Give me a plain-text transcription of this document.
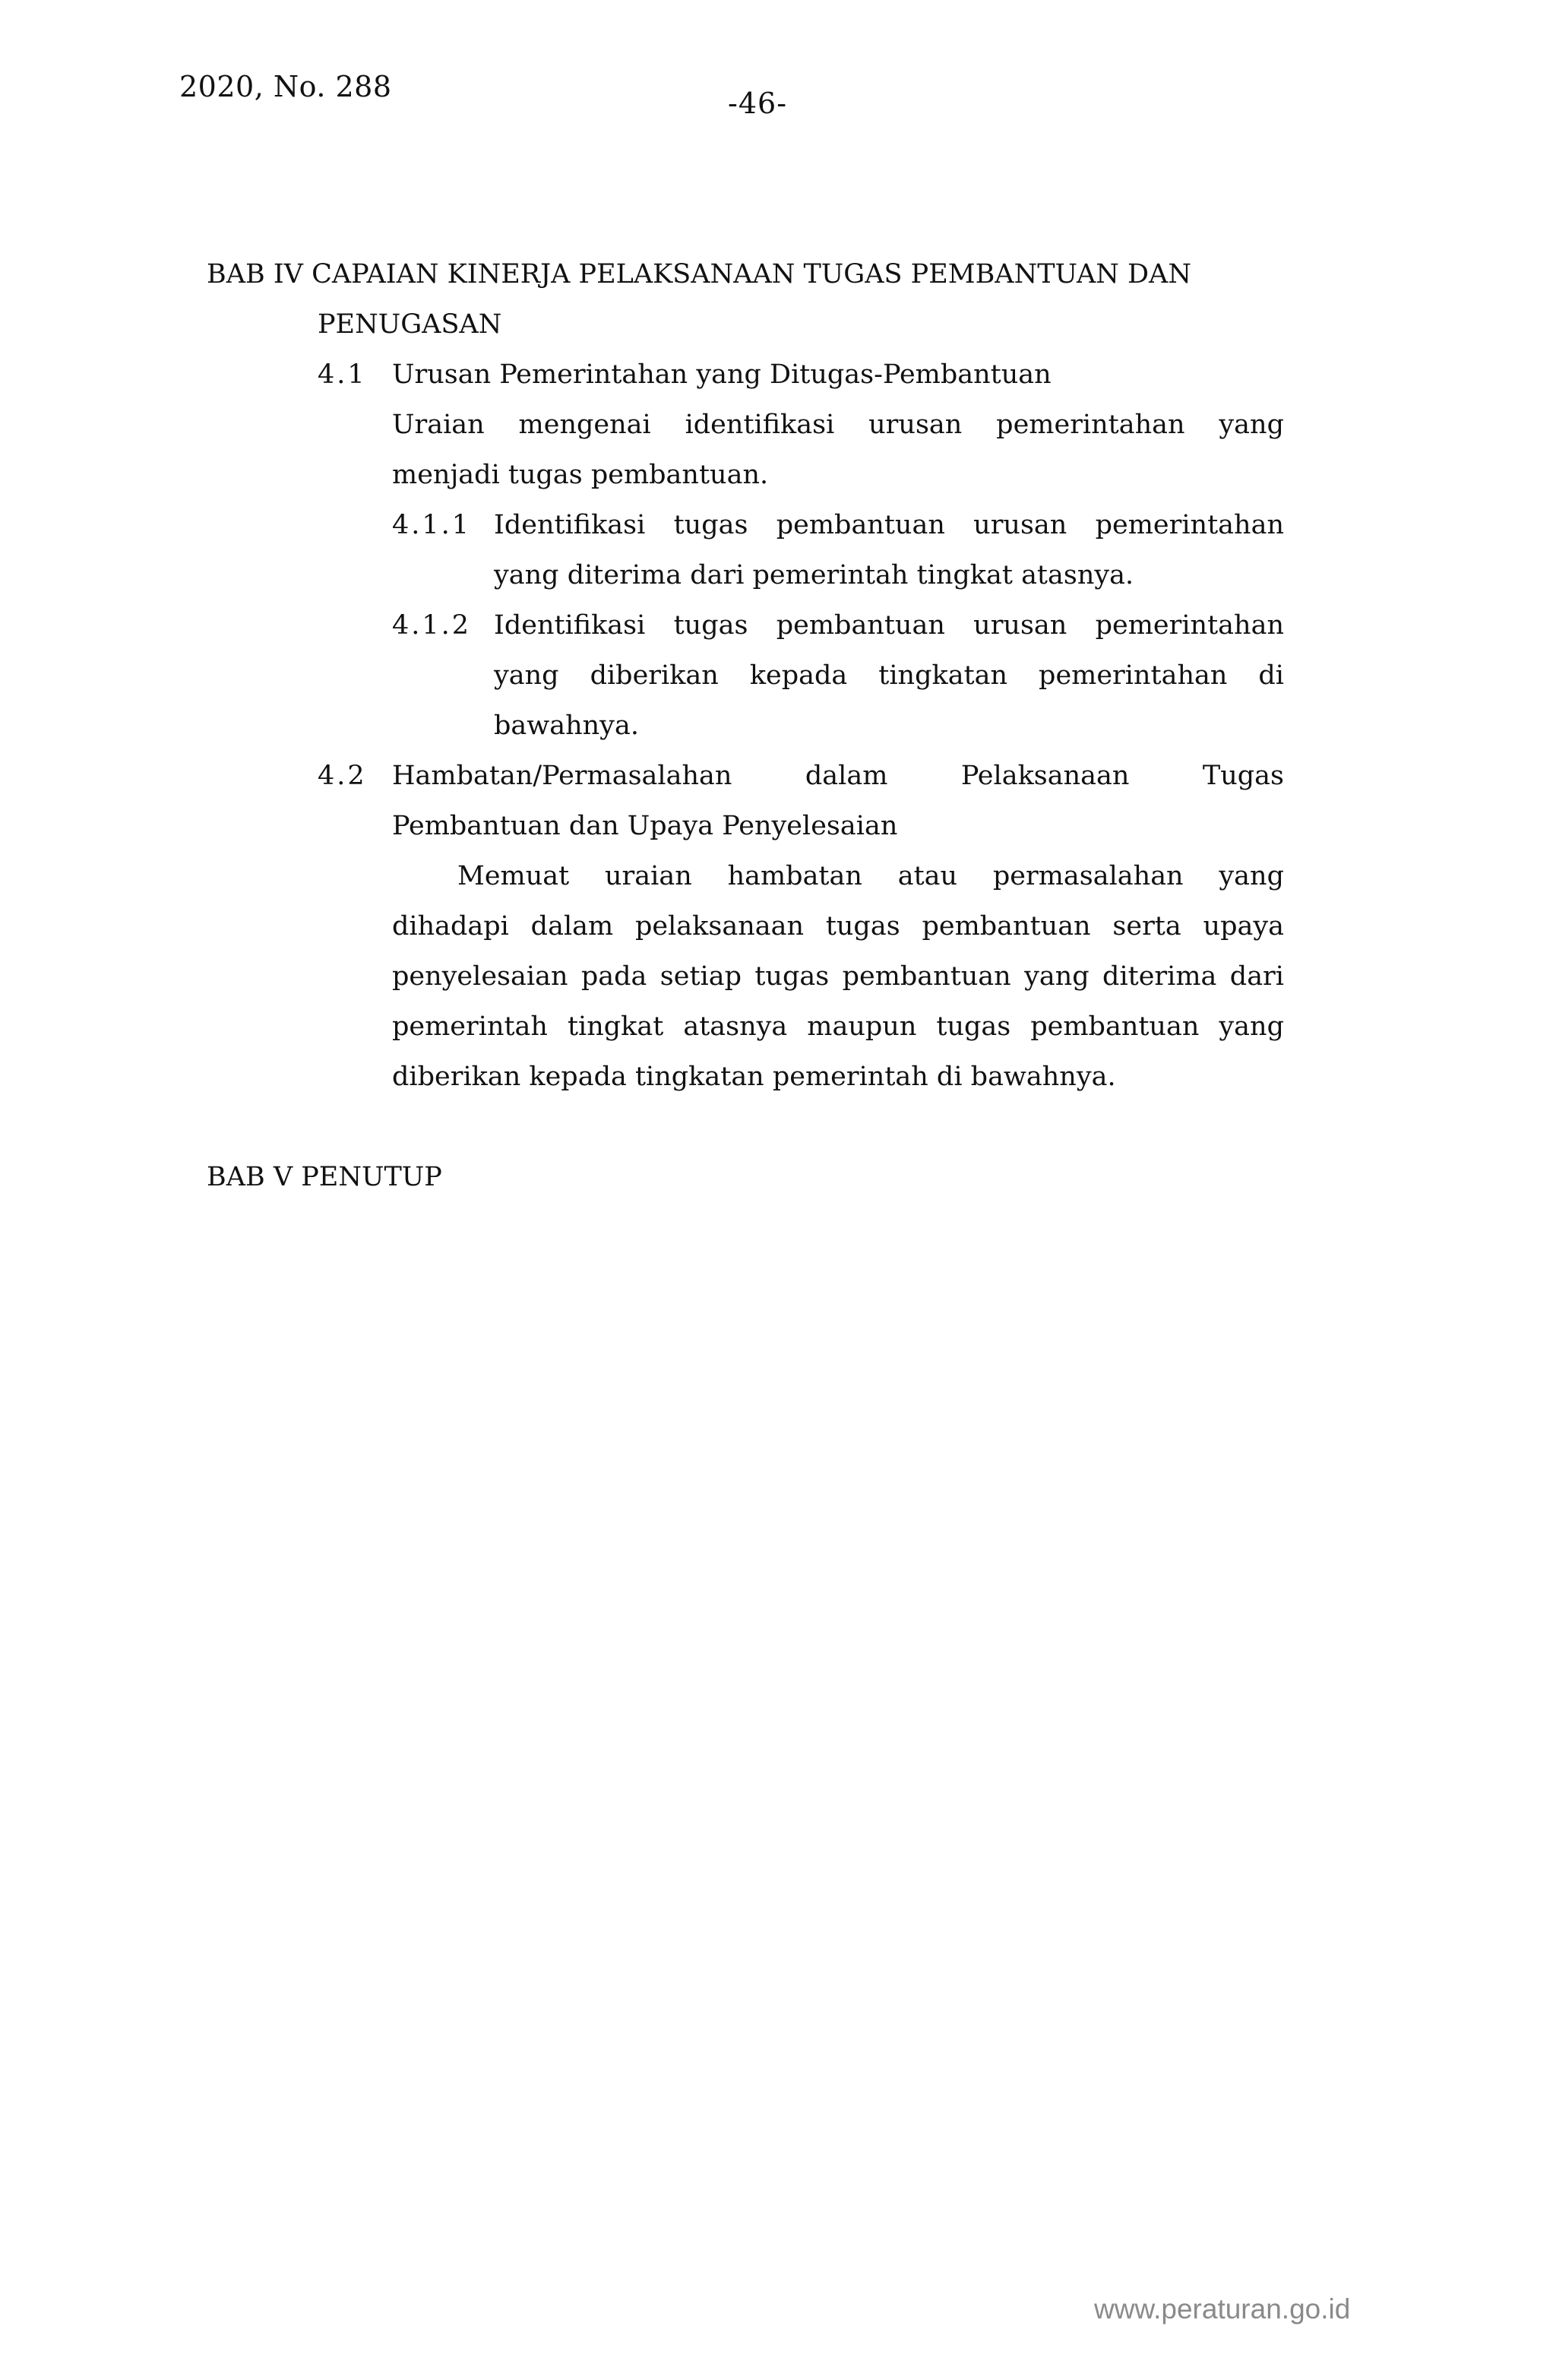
2020, No. 288	-46-
BAB IV CAPAIAN KINERJA PELAKSANAAN TUGAS PEMBANTUAN DAN
PENUGASAN
4.1 Urusan Pemerintahan yang Ditugas-Pembantuan
Uraian mengenai identifikasi urusan pemerintahan yang
menjadi tugas pembantuan.
4.1.1 Identifikasi tugas pembantuan urusan pemerintahan
yang diterima dari pemerintah tingkat atasnya.
4.1.2 Identifikasi tugas pembantuan urusan pemerintahan
yang diberikan kepada tingkatan pemerintahan di
bawahnya.
4.2 Hambatan/Permasalahan dalam Pelaksanaan Tugas
Pembantuan dan Upaya Penyelesaian
Memuat uraian hambatan atau permasalahan yang
dihadapi dalam pelaksanaan tugas pembantuan serta upaya
penyelesaian pada setiap tugas pembantuan yang diterima dari
pemerintah tingkat atasnya maupun tugas pembantuan yang
diberikan kepada tingkatan pemerintah di bawahnya.
BAB V PENUTUP
www.peraturan.go.id
